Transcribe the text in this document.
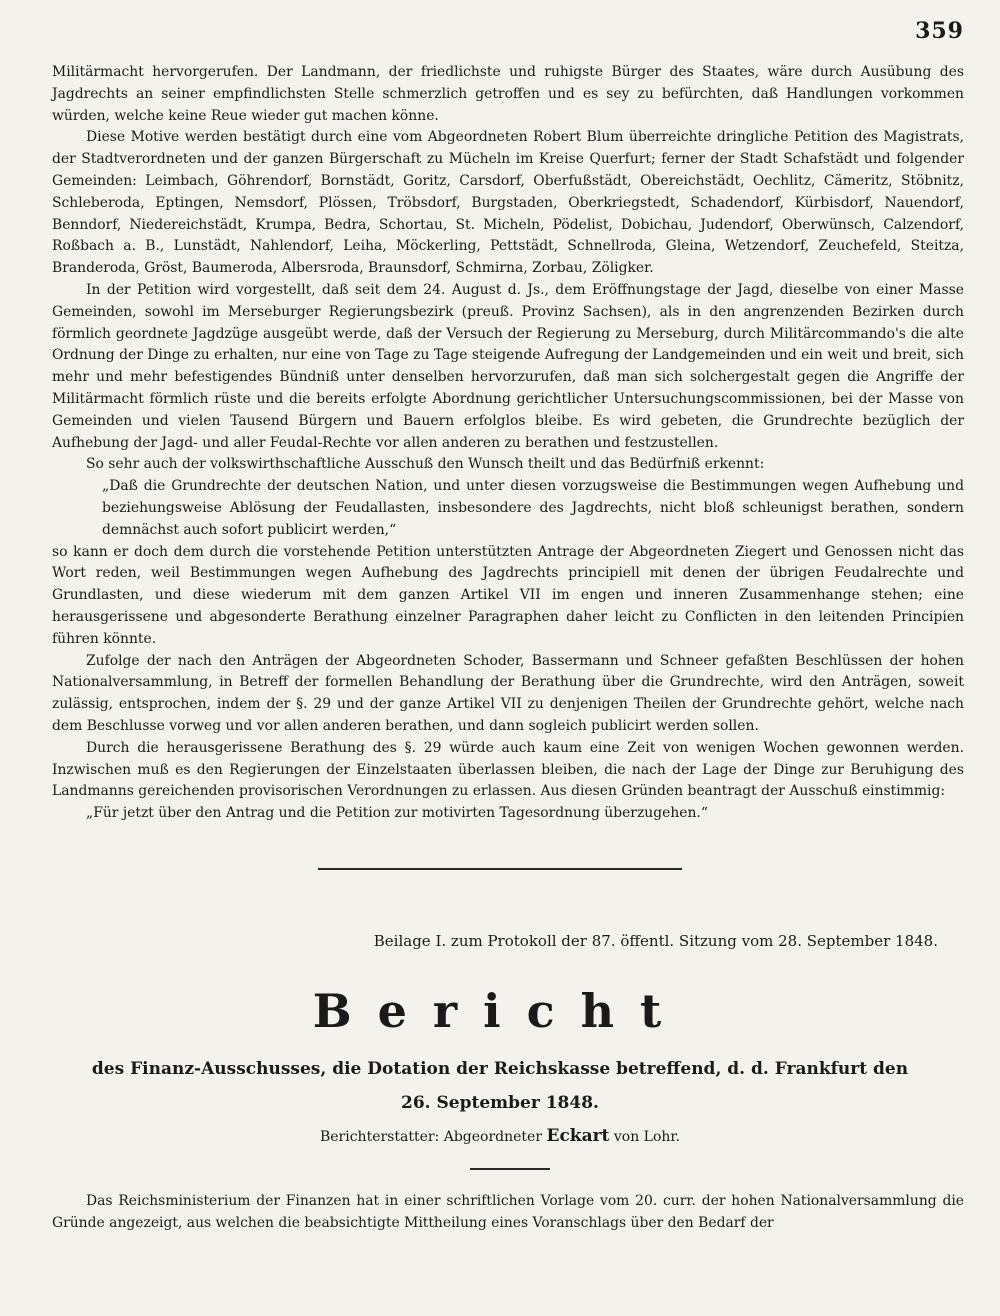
359

Militärmacht hervorgerufen. Der Landmann, der friedlichste und ruhigste Bürger des Staates, wäre durch Ausübung des Jagdrechts an seiner empfindlichsten Stelle schmerzlich getroffen und es sey zu befürchten, daß Handlungen vorkommen würden, welche keine Reue wieder gut machen könne.

Diese Motive werden bestätigt durch eine vom Abgeordneten Robert Blum überreichte dringliche Petition des Magistrats, der Stadtverordneten und der ganzen Bürgerschaft zu Mücheln im Kreise Querfurt; ferner der Stadt Schafstädt und folgender Gemeinden: Leimbach, Göhrendorf, Bornstädt, Goritz, Carsdorf, Oberfußstädt, Obereichstädt, Oechlitz, Cämeritz, Stöbnitz, Schleberoda, Eptingen, Nemsdorf, Plössen, Tröbsdorf, Burgstaden, Oberkriegstedt, Schadendorf, Kürbisdorf, Nauendorf, Benndorf, Niedereichstädt, Krumpa, Bedra, Schortau, St. Micheln, Pödelist, Dobichau, Judendorf, Oberwünsch, Calzendorf, Roßbach a. B., Lunstädt, Nahlendorf, Leiha, Möckerling, Pettstädt, Schnellroda, Gleina, Wetzendorf, Zeuchefeld, Steitza, Branderoda, Gröst, Baumeroda, Albersroda, Braunsdorf, Schmirna, Zorbau, Zöligker.

In der Petition wird vorgestellt, daß seit dem 24. August d. Js., dem Eröffnungstage der Jagd, dieselbe von einer Masse Gemeinden, sowohl im Merseburger Regierungsbezirk (preuß. Provinz Sachsen), als in den angrenzenden Bezirken durch förmlich geordnete Jagdzüge ausgeübt werde, daß der Versuch der Regierung zu Merseburg, durch Militärcommando's die alte Ordnung der Dinge zu erhalten, nur eine von Tage zu Tage steigende Aufregung der Landgemeinden und ein weit und breit, sich mehr und mehr befestigendes Bündniß unter denselben hervorzurufen, daß man sich solchergestalt gegen die Angriffe der Militärmacht förmlich rüste und die bereits erfolgte Abordnung gerichtlicher Untersuchungscommissionen, bei der Masse von Gemeinden und vielen Tausend Bürgern und Bauern erfolglos bleibe. Es wird gebeten, die Grundrechte bezüglich der Aufhebung der Jagd- und aller Feudal-Rechte vor allen anderen zu berathen und festzustellen.

So sehr auch der volkswirthschaftliche Ausschuß den Wunsch theilt und das Bedürfniß erkennt:

„Daß die Grundrechte der deutschen Nation, und unter diesen vorzugsweise die Bestimmungen wegen Aufhebung und beziehungsweise Ablösung der Feudallasten, insbesondere des Jagdrechts, nicht bloß schleunigst berathen, sondern demnächst auch sofort publicirt werden,“

so kann er doch dem durch die vorstehende Petition unterstützten Antrage der Abgeordneten Ziegert und Genossen nicht das Wort reden, weil Bestimmungen wegen Aufhebung des Jagdrechts principiell mit denen der übrigen Feudalrechte und Grundlasten, und diese wiederum mit dem ganzen Artikel VII im engen und inneren Zusammenhange stehen; eine herausgerissene und abgesonderte Berathung einzelner Paragraphen daher leicht zu Conflicten in den leitenden Principien führen könnte.

Zufolge der nach den Anträgen der Abgeordneten Schoder, Bassermann und Schneer gefaßten Beschlüssen der hohen Nationalversammlung, in Betreff der formellen Behandlung der Berathung über die Grundrechte, wird den Anträgen, soweit zulässig, entsprochen, indem der §. 29 und der ganze Artikel VII zu denjenigen Theilen der Grundrechte gehört, welche nach dem Beschlusse vorweg und vor allen anderen berathen, und dann sogleich publicirt werden sollen.

Durch die herausgerissene Berathung des §. 29 würde auch kaum eine Zeit von wenigen Wochen gewonnen werden. Inzwischen muß es den Regierungen der Einzelstaaten überlassen bleiben, die nach der Lage der Dinge zur Beruhigung des Landmanns gereichenden provisorischen Verordnungen zu erlassen. Aus diesen Gründen beantragt der Ausschuß einstimmig:

„Für jetzt über den Antrag und die Petition zur motivirten Tagesordnung überzugehen.“

Beilage I. zum Protokoll der 87. öffentl. Sitzung vom 28. September 1848.
Bericht
des Finanz-Ausschusses, die Dotation der Reichskasse betreffend, d. d. Frankfurt den
26. September 1848.
Berichterstatter: Abgeordneter Eckart von Lohr.

Das Reichsministerium der Finanzen hat in einer schriftlichen Vorlage vom 20. curr. der hohen Nationalversammlung die Gründe angezeigt, aus welchen die beabsichtigte Mittheilung eines Voranschlags über den Bedarf der
